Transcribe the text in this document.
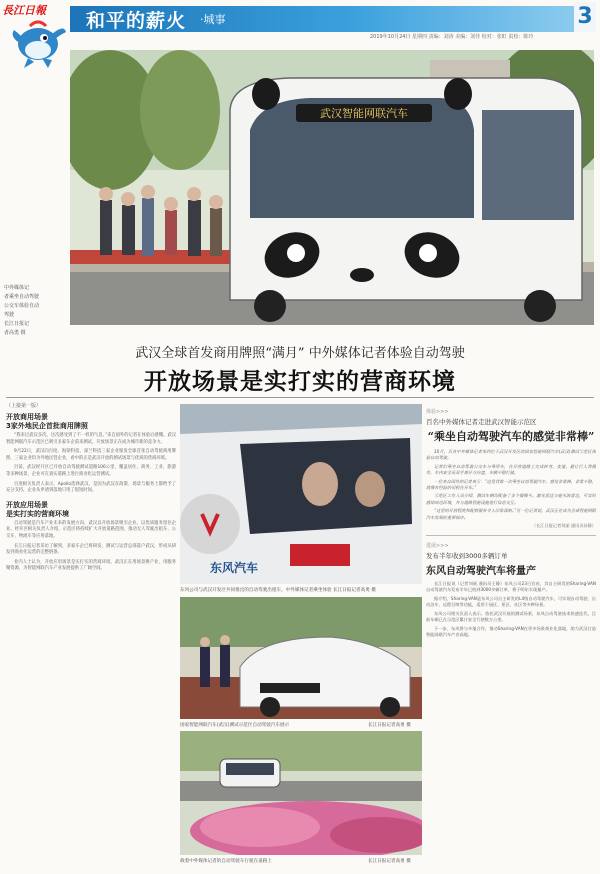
長江日報 和平的薪火 ·城事	3
2019年10月24日 星期四 责编：刘涛 美编：刘佳 校对：张虹 责校：陈玲
武汉智能网联汽车
中外媒体记
者乘坐自动驾驶
公交车体验自动
驾驶
长江日报记
者高勇 摄
武汉全球首发商用牌照“满月” 中外媒体记者体验自动驾驶
开放场景是实打实的营商环境
（上接第一版）
开放商用场景
3家外地民企首批商用牌照

“我来过武汉多次，这次感受到了不一样的气息。”来自国外的记者在体验后感慨。武汉智能网联汽车示范区已吸引多家车企前来测试，开放场景正在成为城市新的竞争力。

9月22日，武汉向百度、海梁科技、深兰科技三家企业颁发全球首张自动驾驶商用牌照，三家企业均为外地民营企业，看中的正是武汉开放的测试场景与优质的营商环境。

目前，武汉经开区已开放自动驾驶测试道路106公里，覆盖居住、商务、工业、旅游等多种场景，企业可在真实道路上进行商业化运营测试。

百度相关负责人表示，Apollo选择武汉，是因为武汉在政策、场景与服务上都给予了充分支持，企业从申请到落地只用了很短时间。

开放应用场景
是实打实的营商环境

自动驾驶是汽车产业未来的发展方向，武汉以开放场景吸引企业，以优质服务留住企业。经开区相关负责人介绍，示范区将持续扩大开放道路范围，推动无人驾驶出租车、公交车、物流车等应用落地。

长江日报记者采访了解到，多家车企已将研发、测试与运营总部落户武汉，形成从研发到商业化运营的完整链条。

业内人士认为，开放应用场景是实打实的营商环境，武汉正在用场景换产业，用服务聚资源，为智能网联汽车产业发展提供了广阔空间。	东风汽车
东风公司与武汉开发区共同推出的自动驾驶出租车，中外媒体记者乘坐体验 长江日报记者高勇 摄
国家智能网联汽车(武汉)测试示范区自动驾驶汽车展示	长江日报记者高勇 摄
载着中外媒体记者的自动驾驶车行驶在道路上	长江日报记者高勇 摄
体验>>>
百名中外媒体记者走进武汉智能示范区
“乘坐自动驾驶汽车的感觉非常棒”

10月，百名中外媒体记者来到位于武汉开发区的国家智能网联汽车(武汉)测试示范区体验自动驾驶。

记者们乘坐自动驾驶公交车与乘用车，在开放道路上完成转弯、变道、避让行人等操作，车内安全员双手离开方向盘，车辆平稳行驶。

一位来自国外的记者表示：“这是我第一次乘坐自动驾驶汽车，感觉非常棒，非常平稳，就像有经验的司机在开车。”

示范区工作人员介绍，测试车辆均配备了多个摄像头、激光雷达与毫米波雷达，可实时感知周边环境，并与道路智能设施进行信息交互。

“这里的开放程度和配套服务令人印象深刻。”另一位记者说，武汉正在成为全球智能网联汽车发展的重要城市。

（长江日报记者刘丽 通讯员孙静）
进展>>>
发布半年收到3000多辆订单
东风自动驾驶汽车将量产

长江日报讯（记者刘丽 通讯员王静）东风公司23日宣布，其自主研发的Sharing-VAN自动驾驶汽车发布半年已收到3000多辆订单，将于明年实现量产。

据介绍，Sharing-VAN是东风公司自主研发的L4级自动驾驶汽车，可实现自动驾驶、自动泊车、远程召唤等功能，适用于园区、景区、社区等多种场景。

东风公司相关负责人表示，依托武汉开放的测试场景，东风自动驾驶技术快速迭代，目前车辆已在示范区累计安全行驶数万公里。

下一步，东风将与多地合作，推动Sharing-VAN在更多场景商业化落地，助力武汉打造智能网联汽车产业高地。
